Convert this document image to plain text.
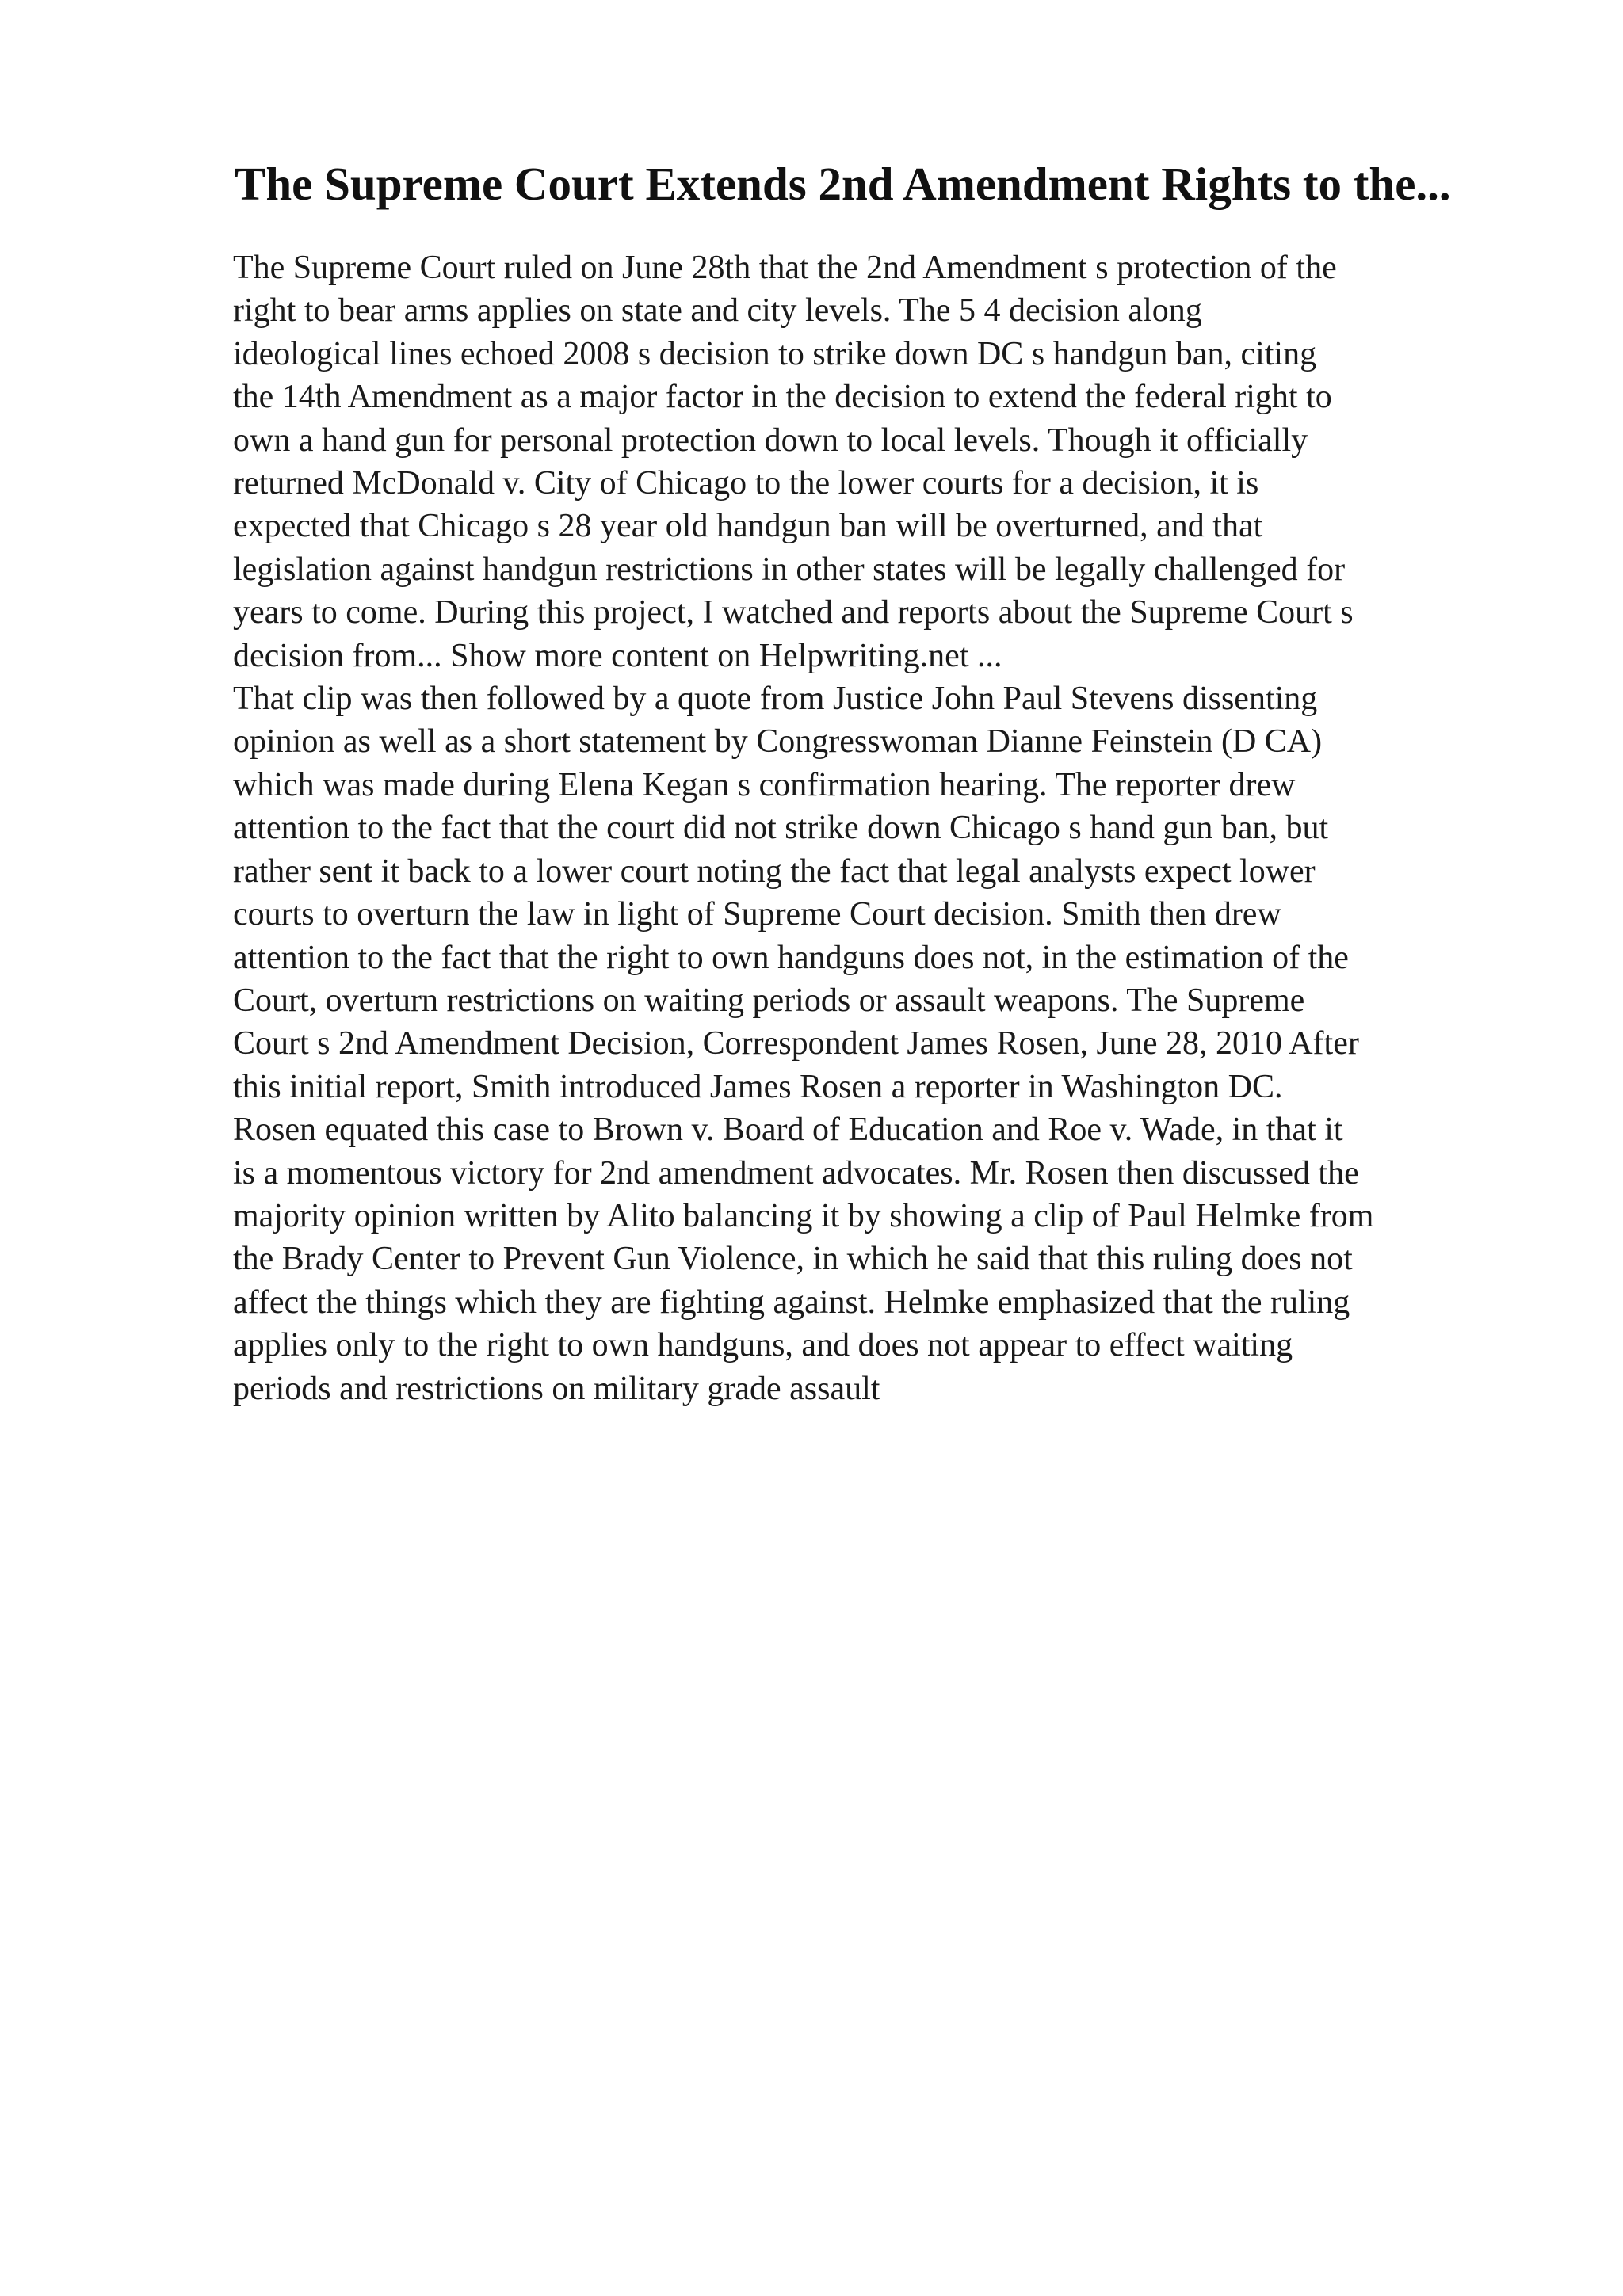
The Supreme Court Extends 2nd Amendment Rights to the...

The Supreme Court ruled on June 28th that the 2nd Amendment s protection of the
right to bear arms applies on state and city levels. The 5 4 decision along
ideological lines echoed 2008 s decision to strike down DC s handgun ban, citing
the 14th Amendment as a major factor in the decision to extend the federal right to
own a hand gun for personal protection down to local levels. Though it officially
returned McDonald v. City of Chicago to the lower courts for a decision, it is
expected that Chicago s 28 year old handgun ban will be overturned, and that
legislation against handgun restrictions in other states will be legally challenged for
years to come. During this project, I watched and reports about the Supreme Court s
decision from... Show more content on Helpwriting.net ...

That clip was then followed by a quote from Justice John Paul Stevens dissenting
opinion as well as a short statement by Congresswoman Dianne Feinstein (D CA)
which was made during Elena Kegan s confirmation hearing. The reporter drew
attention to the fact that the court did not strike down Chicago s hand gun ban, but
rather sent it back to a lower court noting the fact that legal analysts expect lower
courts to overturn the law in light of Supreme Court decision. Smith then drew
attention to the fact that the right to own handguns does not, in the estimation of the
Court, overturn restrictions on waiting periods or assault weapons. The Supreme
Court s 2nd Amendment Decision, Correspondent James Rosen, June 28, 2010 After
this initial report, Smith introduced James Rosen a reporter in Washington DC.
Rosen equated this case to Brown v. Board of Education and Roe v. Wade, in that it
is a momentous victory for 2nd amendment advocates. Mr. Rosen then discussed the
majority opinion written by Alito balancing it by showing a clip of Paul Helmke from
the Brady Center to Prevent Gun Violence, in which he said that this ruling does not
affect the things which they are fighting against. Helmke emphasized that the ruling
applies only to the right to own handguns, and does not appear to effect waiting
periods and restrictions on military grade assault
